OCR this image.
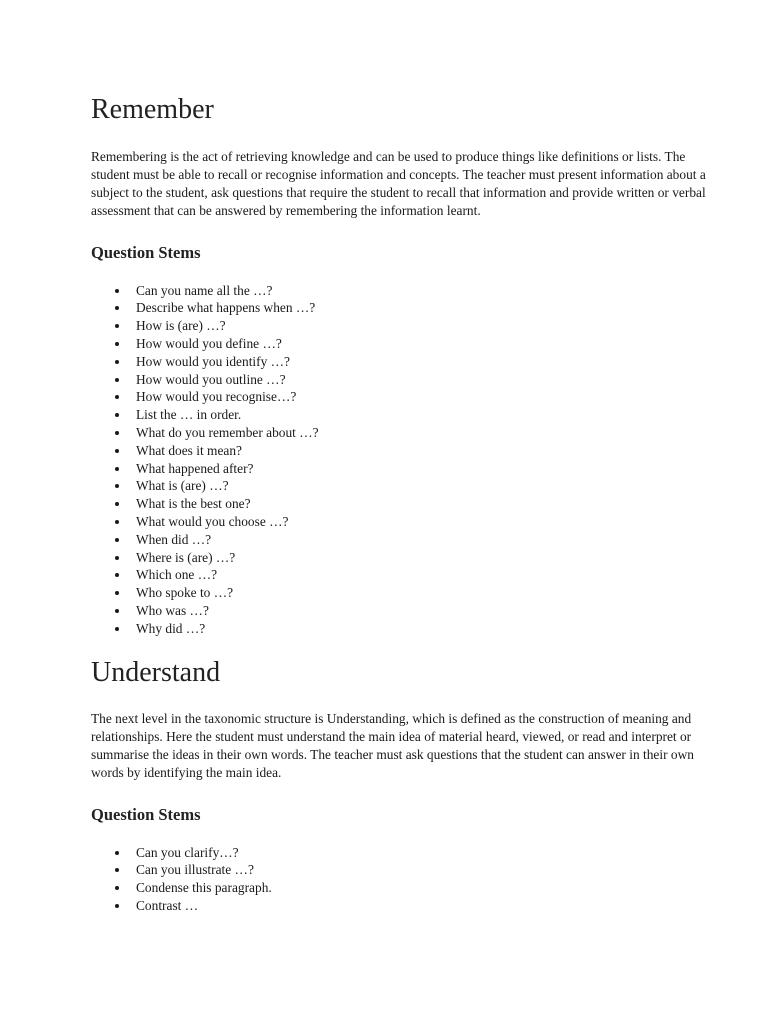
Remember

Remembering is the act of retrieving knowledge and can be used to produce things like definitions or lists. The student must be able to recall or recognise information and concepts. The teacher must present information about a subject to the student, ask questions that require the student to recall that information and provide written or verbal assessment that can be answered by remembering the information learnt.

Question Stems
Can you name all the …?
Describe what happens when …?
How is (are) …?
How would you define …?
How would you identify …?
How would you outline …?
How would you recognise…?
List the … in order.
What do you remember about …?
What does it mean?
What happened after?
What is (are) …?
What is the best one?
What would you choose …?
When did …?
Where is (are) …?
Which one …?
Who spoke to …?
Who was …?
Why did …?
Understand

The next level in the taxonomic structure is Understanding, which is defined as the construction of meaning and relationships. Here the student must understand the main idea of material heard, viewed, or read and interpret or summarise the ideas in their own words. The teacher must ask questions that the student can answer in their own words by identifying the main idea.

Question Stems
Can you clarify…?
Can you illustrate …?
Condense this paragraph.
Contrast …
